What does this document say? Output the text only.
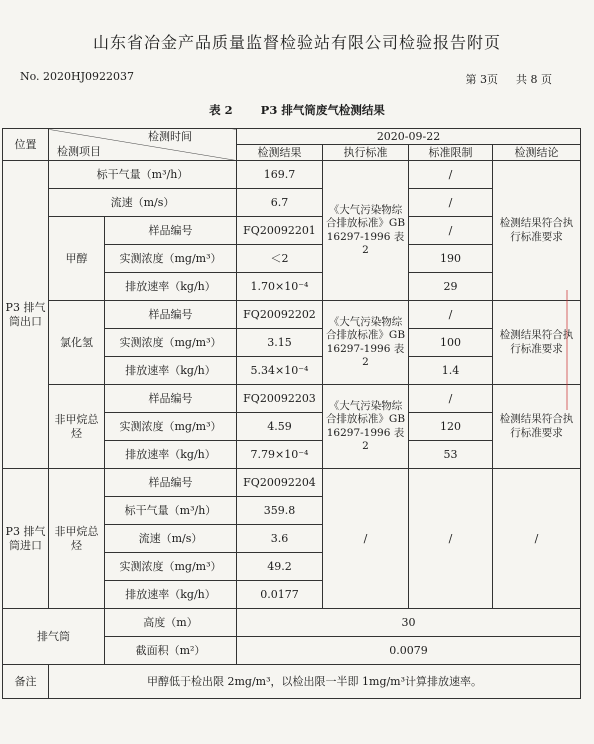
山东省冶金产品质量监督检验站有限公司检验报告附页
No. 2020HJ0922037	第 3页 共 8 页
表 2 P3 排气筒废气检测结果
位置	检测时间
检测项目		2020-09-22			
			检测结果	执行标准	标准限制	检测结论
P3 排气筒出口	标干气量（m³/h）		169.7	《大气污染物综合排放标准》GB 16297-1996 表 2	/	检测结果符合执行标准要求
	流速（m/s）		6.7		/	
	甲醇	样品编号	FQ20092201		/	
		实测浓度（mg/m³）	＜2		190	
		排放速率（kg/h）	1.70×10⁻⁴		29	
	氯化氢	样品编号	FQ20092202	《大气污染物综合排放标准》GB 16297-1996 表 2	/	检测结果符合执行标准要求
		实测浓度（mg/m³）	3.15		100	
		排放速率（kg/h）	5.34×10⁻⁴		1.4	
	非甲烷总烃	样品编号	FQ20092203	《大气污染物综合排放标准》GB 16297-1996 表 2	/	检测结果符合执行标准要求
		实测浓度（mg/m³）	4.59		120	
		排放速率（kg/h）	7.79×10⁻⁴		53	
P3 排气筒进口	非甲烷总烃	样品编号	FQ20092204	/	/	/
		标干气量（m³/h）	359.8			
		流速（m/s）	3.6			
		实测浓度（mg/m³）	49.2			
		排放速率（kg/h）	0.0177			
排气筒		高度（m）	30			
		截面积（m²）	0.0079			
备注	甲醇低于检出限 2mg/m³，以检出限一半即 1mg/m³计算排放速率。					
